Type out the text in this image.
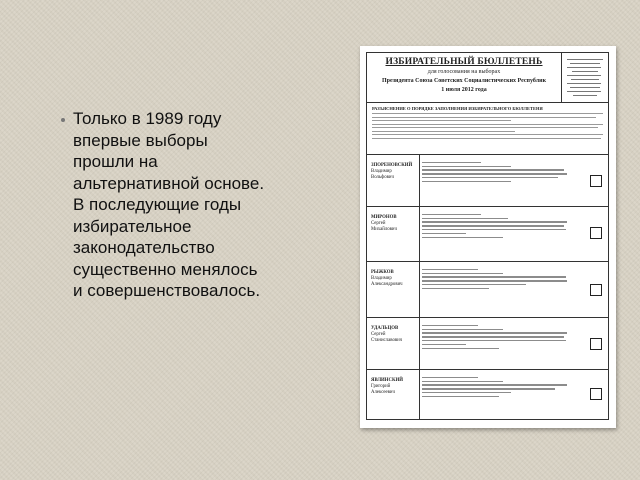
Только в 1989 году
впервые выборы
прошли на
альтернативной основе.
В последующие годы
избирательное
законодательство
существенно менялось
и совершенствовалось.
ИЗБИРАТЕЛЬНЫЙ БЮЛЛЕТЕНЬ
для голосования на выборах
Президента Союза Советских Социалистических Республик
1 июля 2012 года
РАЗЪЯСНЕНИЕ О ПОРЯДКЕ ЗАПОЛНЕНИЯ ИЗБИРАТЕЛЬНОГО БЮЛЛЕТЕНЯ
ЗПОРЕНОВСКИЙ
Владимир
Вольфович
МИРОНОВ
Сергей
Михайлович
РЫЖКОВ
Владимир
Александрович
УДАЛЬЦОВ
Сергей
Станиславович
ЯВЛИНСКИЙ
Григорий
Алексеевич
